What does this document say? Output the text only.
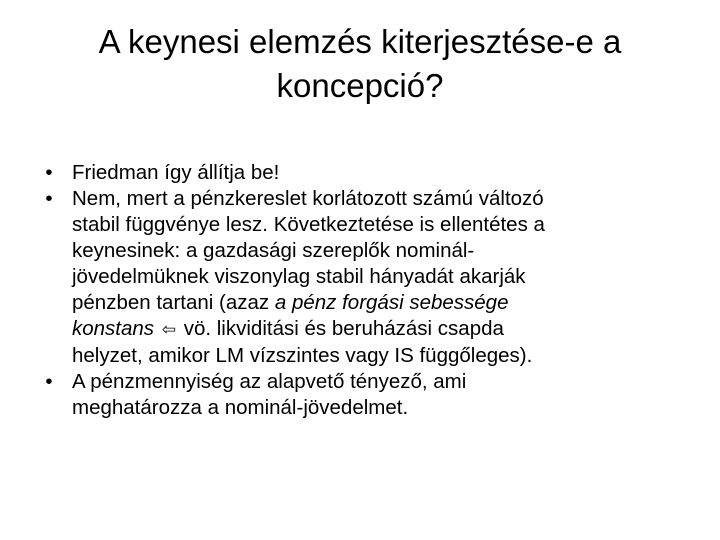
A keynesi elemzés kiterjesztése-e a
koncepció?
• Friedman így állítja be!
• Nem, mert a pénzkereslet korlátozott számú változó
stabil függvénye lesz. Következtetése is ellentétes a
keynesinek: a gazdasági szereplők nominál-
jövedelmüknek viszonylag stabil hányadát akarják
pénzben tartani (azaz a pénz forgási sebessége
konstans ⇦ vö. likviditási és beruházási csapda
helyzet, amikor LM vízszintes vagy IS függőleges).
• A pénzmennyiség az alapvető tényező, ami
meghatározza a nominál-jövedelmet.
